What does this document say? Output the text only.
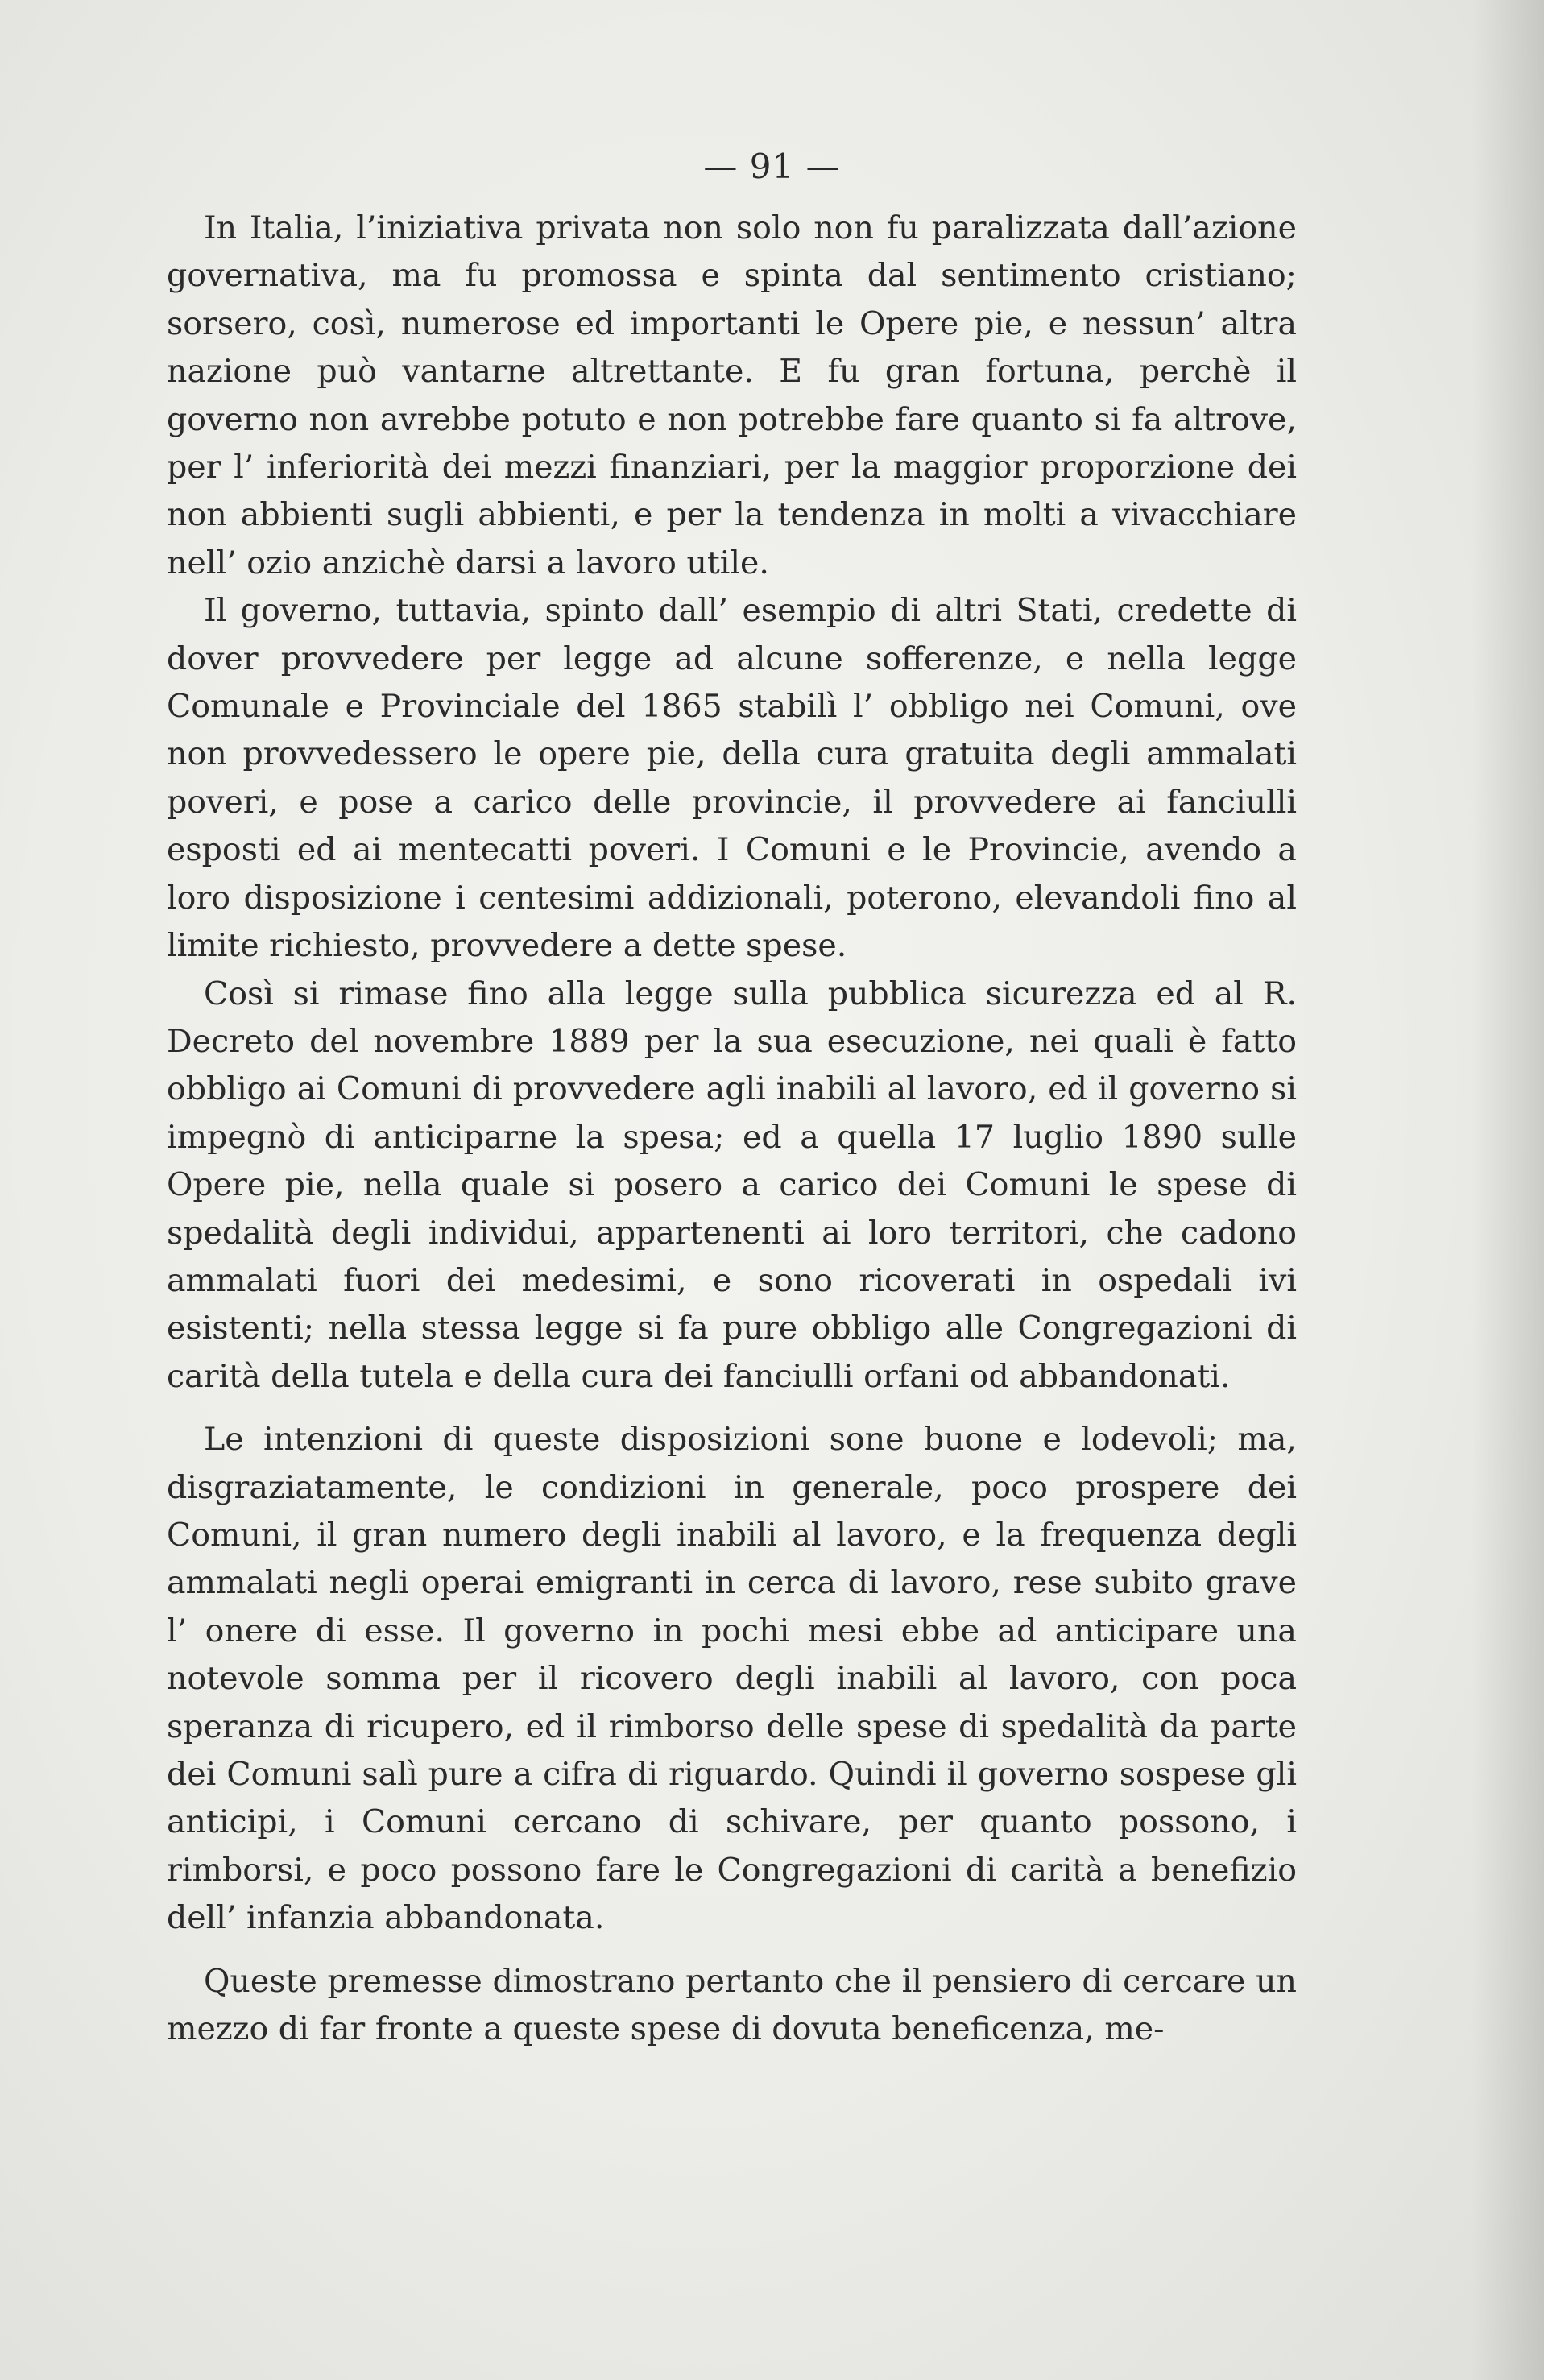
— 91 —

In Italia, l’iniziativa privata non solo non fu paralizzata dall’azione governativa, ma fu promossa e spinta dal sentimento cristiano; sorsero, così, numerose ed importanti le Opere pie, e nessun’ altra nazione può vantarne altrettante. E fu gran fortuna, perchè il governo non avrebbe potuto e non potrebbe fare quanto si fa altrove, per l’ inferiorità dei mezzi finanziari, per la maggior proporzione dei non abbienti sugli abbienti, e per la tendenza in molti a vivacchiare nell’ ozio anzichè darsi a lavoro utile.

Il governo, tuttavia, spinto dall’ esempio di altri Stati, credette di dover provvedere per legge ad alcune sofferenze, e nella legge Comunale e Provinciale del 1865 stabilì l’ obbligo nei Comuni, ove non provvedessero le opere pie, della cura gratuita degli ammalati poveri, e pose a carico delle provincie, il provvedere ai fanciulli esposti ed ai mentecatti poveri. I Comuni e le Provincie, avendo a loro disposizione i centesimi addizionali, poterono, elevandoli fino al limite richiesto, provvedere a dette spese.

Così si rimase fino alla legge sulla pubblica sicurezza ed al R. Decreto del novembre 1889 per la sua esecuzione, nei quali è fatto obbligo ai Comuni di provvedere agli inabili al lavoro, ed il governo si impegnò di anticiparne la spesa; ed a quella 17 luglio 1890 sulle Opere pie, nella quale si posero a carico dei Comuni le spese di spedalità degli individui, appartenenti ai loro territori, che cadono ammalati fuori dei medesimi, e sono ricoverati in ospedali ivi esistenti; nella stessa legge si fa pure obbligo alle Congregazioni di carità della tutela e della cura dei fanciulli orfani od abbandonati.

Le intenzioni di queste disposizioni sone buone e lodevoli; ma, disgraziatamente, le condizioni in generale, poco prospere dei Comuni, il gran numero degli inabili al lavoro, e la frequenza degli ammalati negli operai emigranti in cerca di lavoro, rese subito grave l’ onere di esse. Il governo in pochi mesi ebbe ad anticipare una notevole somma per il ricovero degli inabili al lavoro, con poca speranza di ricupero, ed il rimborso delle spese di spedalità da parte dei Comuni salì pure a cifra di riguardo. Quindi il governo sospese gli anticipi, i Comuni cercano di schivare, per quanto possono, i rimborsi, e poco possono fare le Congregazioni di carità a benefizio dell’ infanzia abbandonata.

Queste premesse dimostrano pertanto che il pensiero di cercare un mezzo di far fronte a queste spese di dovuta beneficenza, me-
